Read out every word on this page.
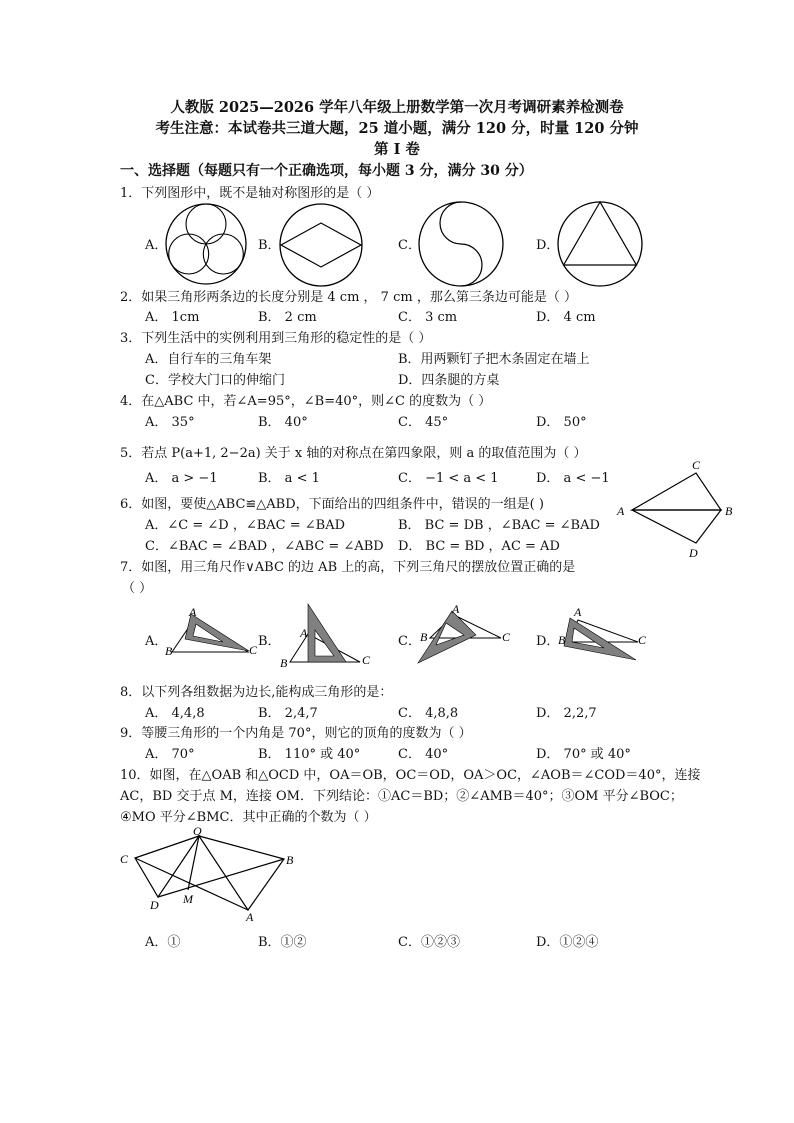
人教版 2025—2026 学年八年级上册数学第一次月考调研素养检测卷
考生注意：本试卷共三道大题，25 道小题，满分 120 分，时量 120 分钟
第 I 卷
一、选择题（每题只有一个正确选项，每小题 3 分，满分 30 分）
1．下列图形中，既不是轴对称图形的是（ ）
A．	B．	C．	D．
2．如果三角形两条边的长度分别是 4 cm ， 7 cm ，那么第三条边可能是（ ）
A． 1cm	B． 2 cm	C． 3 cm	D． 4 cm
3．下列生活中的实例利用到三角形的稳定性的是（ ）
A．自行车的三角车架	B．用两颗钉子把木条固定在墙上
C．学校大门口的伸缩门	D．四条腿的方桌
4．在△ABC 中，若∠A=95°，∠B=40°，则∠C 的度数为（ ）
A． 35°	B． 40°	C． 45°	D． 50°
5．若点 P(a+1, 2−2a) 关于 x 轴的对称点在第四象限，则 a 的取值范围为（ ）
A． a > −1	B． a < 1	C． −1 < a < 1	D． a < −1
6．如图，要使△ABC≌△ABD，下面给出的四组条件中，错误的一组是( )
A．∠C = ∠D ，∠BAC = ∠BAD	B． BC = DB ，∠BAC = ∠BAD
C．∠BAC = ∠BAD ，∠ABC = ∠ABD D． BC = BD ，AC = AD
A	B
C
D
7．如图，用三角尺作∨ABC 的边 AB 上的高，下列三角尺的摆放位置正确的是
（ ）
A．
B	C
A
B．
B	C
A
C． B	C
A
D．
B	C
A
8．以下列各组数据为边长,能构成三角形的是：
A． 4,4,8	B． 2,4,7	C． 4,8,8	D． 2,2,7
9．等腰三角形的一个内角是 70°，则它的顶角的度数为（ ）
A． 70°	B． 110° 或 40°	C． 40°	D． 70° 或 40°
10．如图，在△OAB 和△OCD 中，OA＝OB，OC＝OD，OA＞OC，∠AOB＝∠COD＝40°，连接
AC，BD 交于点 M，连接 OM．下列结论：①AC＝BD；②∠AMB＝40°；③OM 平分∠BOC；
④MO 平分∠BMC．其中正确的个数为（ ）
O
C	B
D M
A
A．①	B．①②	C．①②③	D．①②④
